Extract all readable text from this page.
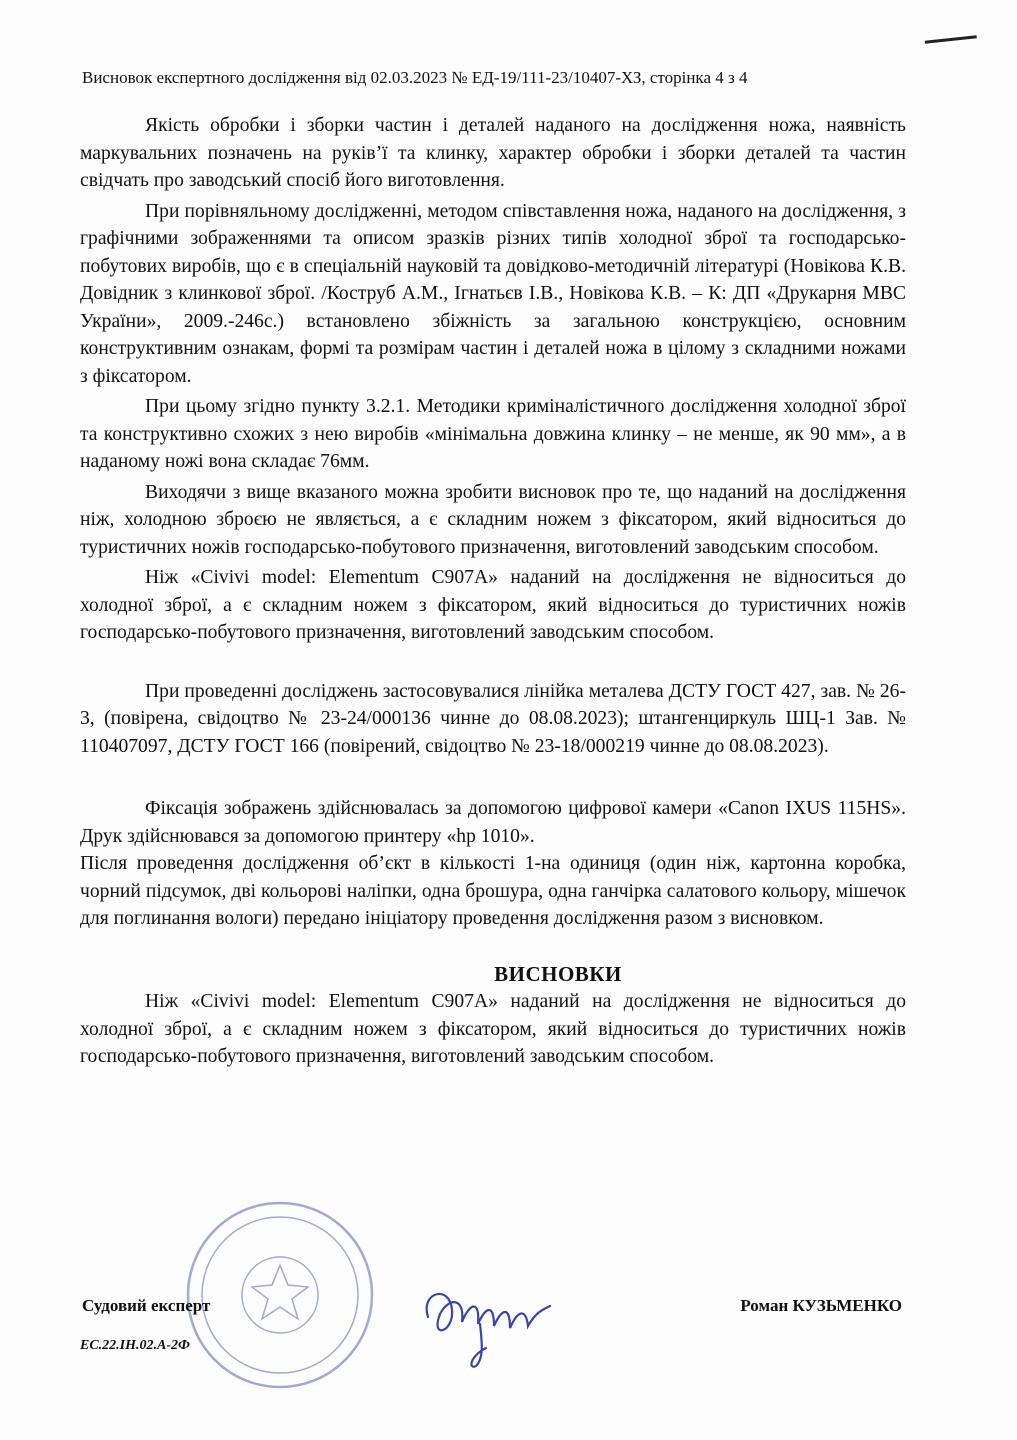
Висновок експертного дослідження від 02.03.2023 № ЕД-19/111-23/10407-ХЗ, сторінка 4 з 4

Якість обробки і зборки частин і деталей наданого на дослідження ножа, наявність маркувальних позначень на руків’ї та клинку, характер обробки і зборки деталей та частин свідчать про заводський спосіб його виготовлення.

При порівняльному дослідженні, методом співставлення ножа, наданого на дослідження, з графічними зображеннями та описом зразків різних типів холодної зброї та господарсько-побутових виробів, що є в спеціальній науковій та довідково-методичній літературі (Новікова К.В. Довідник з клинкової зброї. /Коструб А.М., Ігнатьєв І.В., Новікова К.В. – К: ДП «Друкарня МВС України», 2009.-246с.) встановлено збіжність за загальною конструкцією, основним конструктивним ознакам, формі та розмірам частин і деталей ножа в цілому з складними ножами з фіксатором.

При цьому згідно пункту 3.2.1. Методики криміналістичного дослідження холодної зброї та конструктивно схожих з нею виробів «мінімальна довжина клинку – не менше, як 90 мм», а в наданому ножі вона складає 76мм.

Виходячи з вище вказаного можна зробити висновок про те, що наданий на дослідження ніж, холодною зброєю не являється, а є складним ножем з фіксатором, який відноситься до туристичних ножів господарсько-побутового призначення, виготовлений заводським способом.

Ніж «Civivi model: Elementum C907A» наданий на дослідження не відноситься до холодної зброї, а є складним ножем з фіксатором, який відноситься до туристичних ножів господарсько-побутового призначення, виготовлений заводським способом.

При проведенні досліджень застосовувалися лінійка металева ДСТУ ГОСТ 427, зав. № 26-3, (повірена, свідоцтво № 23-24/000136 чинне до 08.08.2023); штангенциркуль ШЦ-1 Зав. № 110407097, ДСТУ ГОСТ 166 (повірений, свідоцтво № 23-18/000219 чинне до 08.08.2023).

Фіксація зображень здійснювалась за допомогою цифрової камери «Canon IXUS 115HS». Друк здійснювався за допомогою принтеру «hp 1010».

Після проведення дослідження об’єкт в кількості 1-на одиниця (один ніж, картонна коробка, чорний підсумок, дві кольорові наліпки, одна брошура, одна ганчірка салатового кольору, мішечок для поглинання вологи) передано ініціатору проведення дослідження разом з висновком.

ВИСНОВКИ

Ніж «Civivi model: Elementum C907A» наданий на дослідження не відноситься до холодної зброї, а є складним ножем з фіксатором, який відноситься до туристичних ножів господарсько-побутового призначення, виготовлений заводським способом.

Судовий експерт	Роман КУЗЬМЕНКО
ЕС.22.ІН.02.А-2Ф
